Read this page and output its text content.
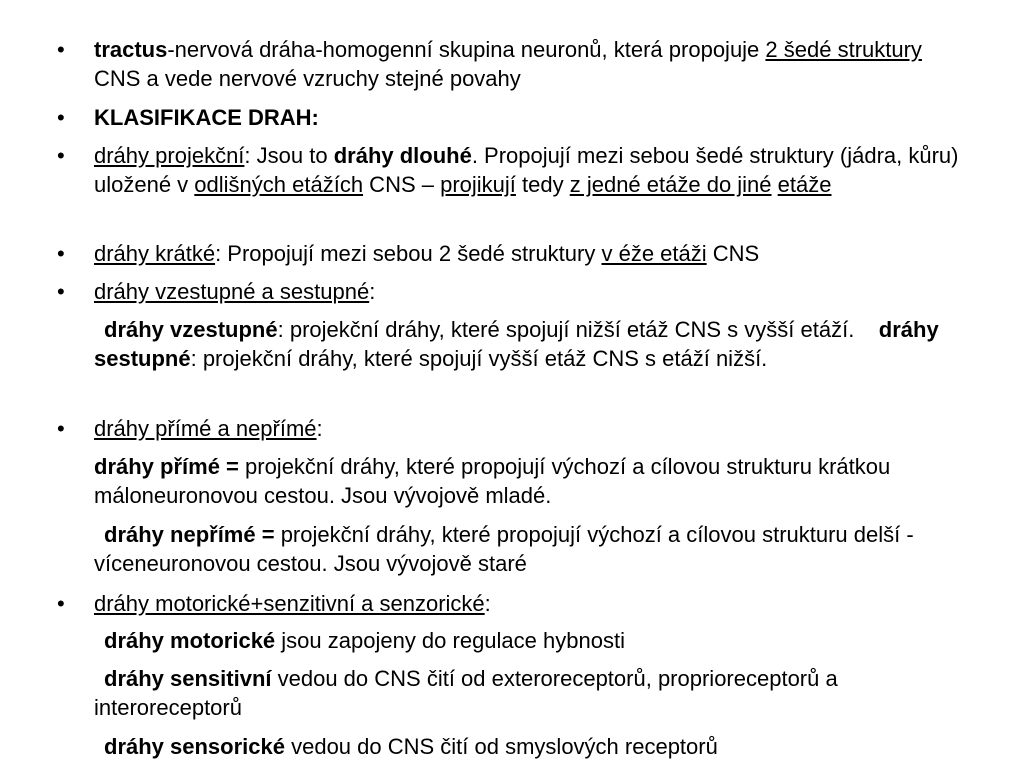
• tractus-nervová dráha-homogenní skupina neuronů, která propojuje 2 šedé struktury CNS a vede nervové vzruchy stejné povahy
• KLASIFIKACE DRAH:
• dráhy projekční: Jsou to dráhy dlouhé. Propojují mezi sebou šedé struktury (jádra, kůru) uložené v odlišných etážích CNS – projikují tedy z jedné etáže do jiné etáže
• dráhy krátké: Propojují mezi sebou 2 šedé struktury v éže etáži CNS
• dráhy vzestupné a sestupné:
dráhy vzestupné: projekční dráhy, které spojují nižší etáž CNS s vyšší etáží.    dráhy sestupné: projekční dráhy, které spojují vyšší etáž CNS s etáží nižší.
• dráhy přímé a nepřímé:
dráhy přímé = projekční dráhy, které propojují výchozí a cílovou strukturu krátkou máloneuronovou cestou. Jsou vývojově mladé.
dráhy nepřímé = projekční dráhy, které propojují výchozí a cílovou strukturu delší - víceneuronovou cestou. Jsou vývojově staré
• dráhy motorické+senzitivní a senzorické:
dráhy motorické jsou zapojeny do regulace hybnosti
dráhy sensitivní vedou do CNS čití od exteroreceptorů, proprioreceptorů a interoreceptorů
dráhy sensorické vedou do CNS čití od smyslových receptorů
